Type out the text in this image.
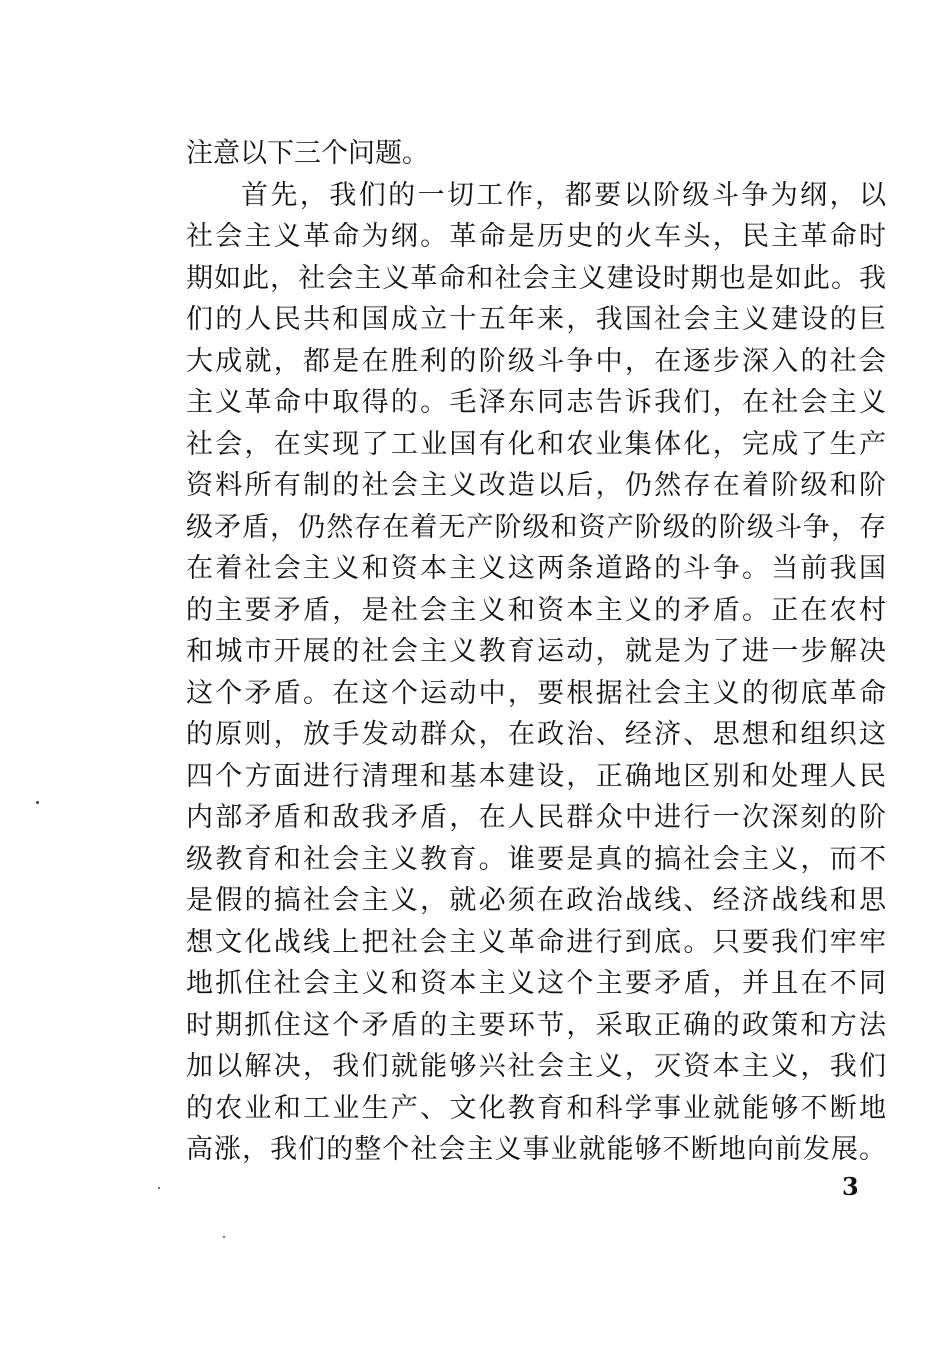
注意以下三个问题。
首先，我们的一切工作，都要以阶级斗争为纲，以
社会主义革命为纲。革命是历史的火车头，民主革命时
期如此，社会主义革命和社会主义建设时期也是如此。我
们的人民共和国成立十五年来，我国社会主义建设的巨
大成就，都是在胜利的阶级斗争中，在逐步深入的社会
主义革命中取得的。毛泽东同志告诉我们，在社会主义
社会，在实现了工业国有化和农业集体化，完成了生产
资料所有制的社会主义改造以后，仍然存在着阶级和阶
级矛盾，仍然存在着无产阶级和资产阶级的阶级斗争，存
在着社会主义和资本主义这两条道路的斗争。当前我国
的主要矛盾，是社会主义和资本主义的矛盾。正在农村
和城市开展的社会主义教育运动，就是为了进一步解决
这个矛盾。在这个运动中，要根据社会主义的彻底革命
的原则，放手发动群众，在政治、经济、思想和组织这
四个方面进行清理和基本建设，正确地区别和处理人民
内部矛盾和敌我矛盾，在人民群众中进行一次深刻的阶
级教育和社会主义教育。谁要是真的搞社会主义，而不
是假的搞社会主义，就必须在政治战线、经济战线和思
想文化战线上把社会主义革命进行到底。只要我们牢牢
地抓住社会主义和资本主义这个主要矛盾，并且在不同
时期抓住这个矛盾的主要环节，采取正确的政策和方法
加以解决，我们就能够兴社会主义，灭资本主义，我们
的农业和工业生产、文化教育和科学事业就能够不断地
高涨，我们的整个社会主义事业就能够不断地向前发展。
3
